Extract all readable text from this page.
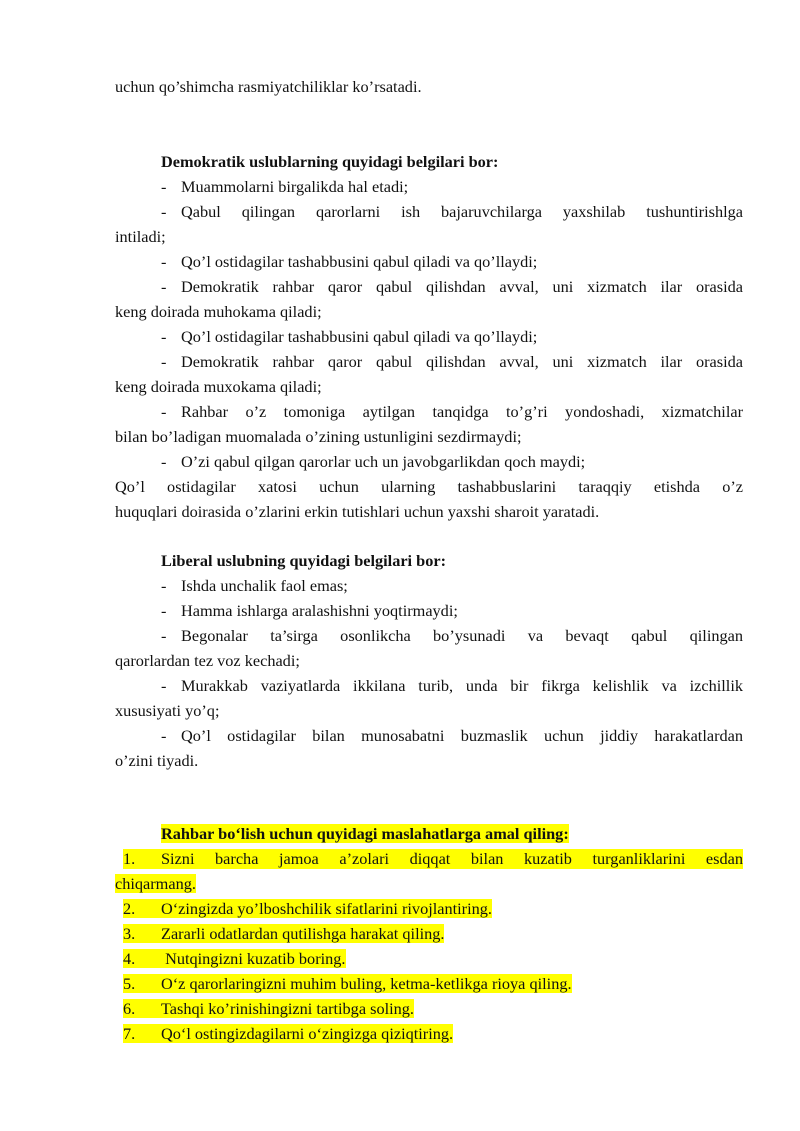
uchun qo’shimcha rasmiyatchiliklar ko’rsatadi.
Demokratik uslublarning quyidagi belgilari bor:
- Muammolarni birgalikda hal etadi;
- Qabul qilingan qarorlarni ish bajaruvchilarga yaxshilab tushuntirishlga
intiladi;
- Qo’l ostidagilar tashabbusini qabul qiladi va qo’llaydi;
- Demokratik rahbar qaror qabul qilishdan avval, uni xizmatch ilar orasida
keng doirada muhokama qiladi;
- Qo’l ostidagilar tashabbusini qabul qiladi va qo’llaydi;
- Demokratik rahbar qaror qabul qilishdan avval, uni xizmatch ilar orasida
keng doirada muxokama qiladi;
- Rahbar o’z tomoniga aytilgan tanqidga to’g’ri yondoshadi, xizmatchilar
bilan bo’ladigan muomalada o’zining ustunligini sezdirmaydi;
- O’zi qabul qilgan qarorlar uch un javobgarlikdan qoch maydi;
Qo’l ostidagilar xatosi uchun ularning tashabbuslarini taraqqiy etishda o’z
huquqlari doirasida o’zlarini erkin tutishlari uchun yaxshi sharoit yaratadi.
Liberal uslubning quyidagi belgilari bor:
- Ishda unchalik faol emas;
- Hamma ishlarga aralashishni yoqtirmaydi;
- Begonalar ta’sirga osonlikcha bo’ysunadi va bevaqt qabul qilingan
qarorlardan tez voz kechadi;
- Murakkab vaziyatlarda ikkilana turib, unda bir fikrga kelishlik va izchillik
xususiyati yo’q;
- Qo’l ostidagilar bilan munosabatni buzmaslik uchun jiddiy harakatlardan
o’zini tiyadi.
Rahbar bo‘lish uchun quyidagi maslahatlarga amal qiling:
1.	Sizni barcha jamoa a’zolari diqqat bilan kuzatib turganliklarini esdan
chiqarmang.
2. O‘zingizda yo’lboshchilik sifatlarini rivojlantiring.
3. Zararli odatlardan qutilishga harakat qiling.
4. Nutqingizni kuzatib boring.
5. O‘z qarorlaringizni muhim buling, ketma-ketlikga rioya qiling.
6. Tashqi ko’rinishingizni tartibga soling.
7. Qo‘l ostingizdagilarni o‘zingizga qiziqtiring.
